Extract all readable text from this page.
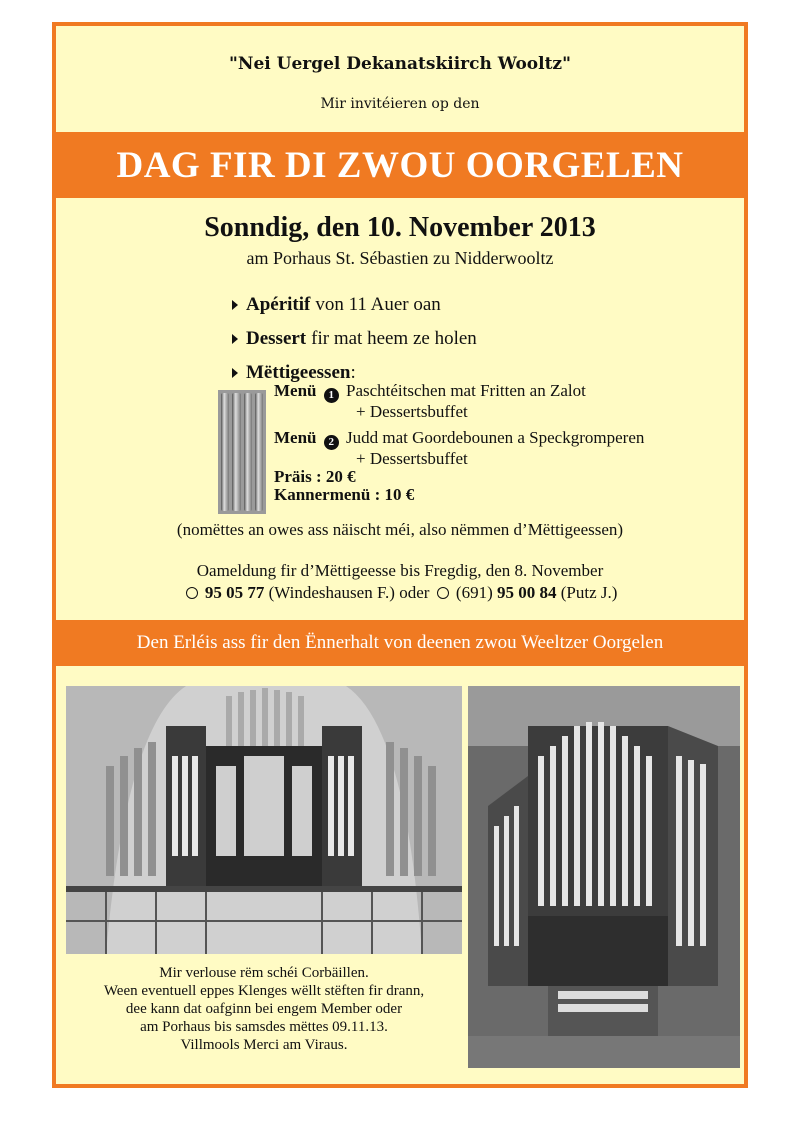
"Nei Uergel Dekanatskiirch Wooltz"
Mir invitéieren op den
DAG FIR DI ZWOU OORGELEN
Sonndig, den 10. November 2013
am Porhaus St. Sébastien zu Nidderwooltz
Apéritif von 11 Auer oan
Dessert fir mat heem ze holen
Mëttigeessen :
Menü 1 Paschtéitschen mat Fritten an Zalot
+ Dessertsbuffet
Menü 2 Judd mat Goordebounen a Speckgromperen
+ Dessertsbuffet
Präis : 20 €
Kannermenü : 10 €
(nomëttes an owes ass näischt méi, also nëmmen d’Mëttigeessen)
Oameldung fir d’Mëttigeesse bis Fregdig, den 8. November
95 05 77 (Windeshausen F.) oder (691) 95 00 84 (Putz J.)
Den Erléis ass fir den Ënnerhalt von deenen zwou Weeltzer Oorgelen
Mir verlouse rëm schéi Corbäillen.
Ween eventuell eppes Klenges wëllt stëften fir drann,
dee kann dat oafginn bei engem Member oder
am Porhaus bis samsdes mëttes 09.11.13.
Villmools Merci am Viraus.
